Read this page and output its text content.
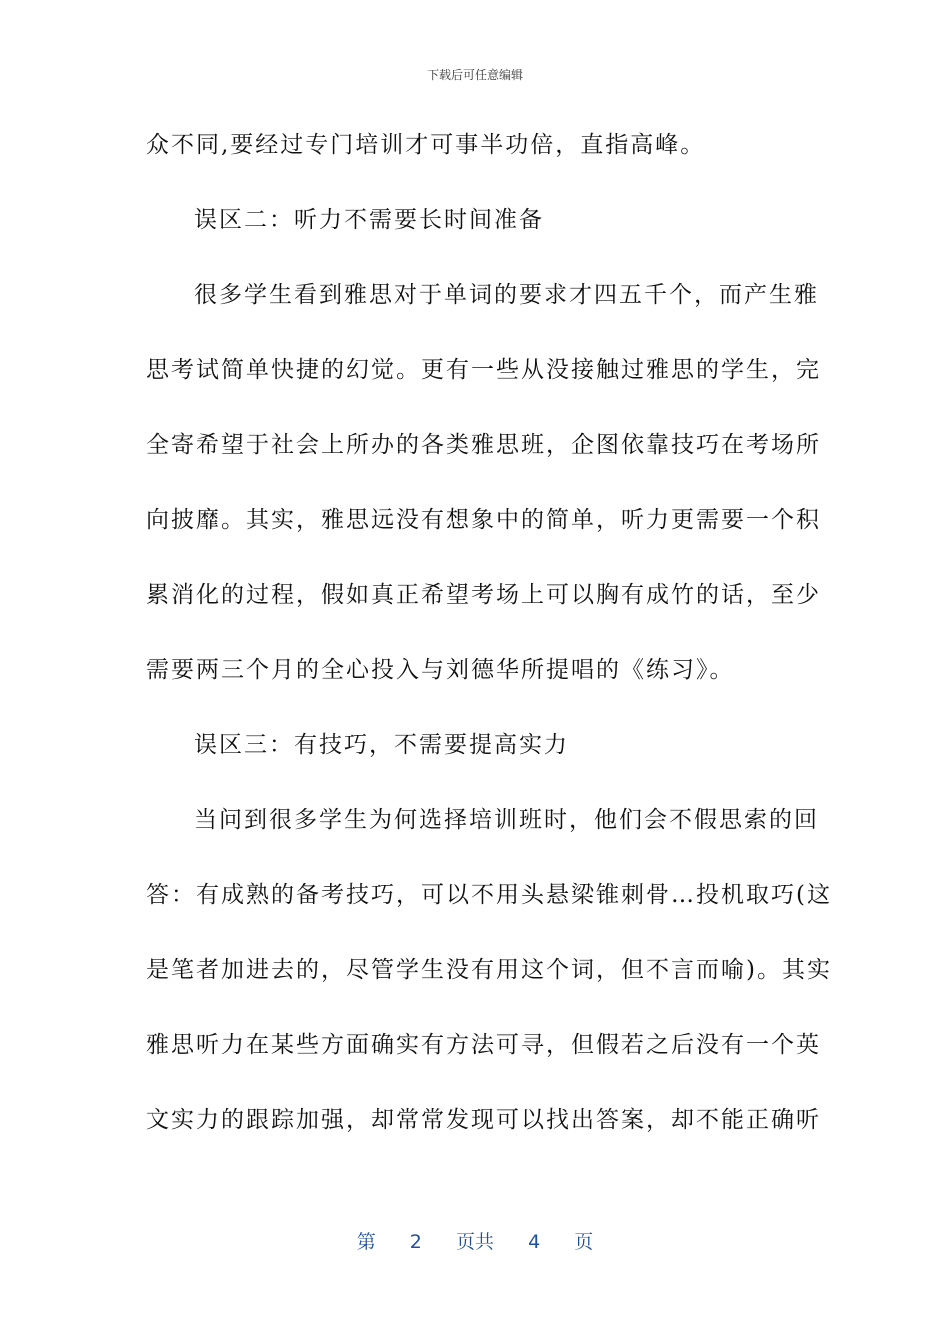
下载后可任意编辑
众不同,要经过专门培训才可事半功倍，直指高峰。
误区二：听力不需要长时间准备
很多学生看到雅思对于单词的要求才四五千个，而产生雅
思考试简单快捷的幻觉。更有一些从没接触过雅思的学生，完
全寄希望于社会上所办的各类雅思班，企图依靠技巧在考场所
向披靡。其实，雅思远没有想象中的简单，听力更需要一个积
累消化的过程，假如真正希望考场上可以胸有成竹的话，至少
需要两三个月的全心投入与刘德华所提唱的《练习》。
误区三：有技巧，不需要提高实力
当问到很多学生为何选择培训班时，他们会不假思索的回
答：有成熟的备考技巧，可以不用头悬梁锥刺骨…投机取巧(这
是笔者加进去的，尽管学生没有用这个词，但不言而喻)。其实
雅思听力在某些方面确实有方法可寻，但假若之后没有一个英
文实力的跟踪加强，却常常发现可以找出答案，却不能正确听
第 2 页共 4 页
